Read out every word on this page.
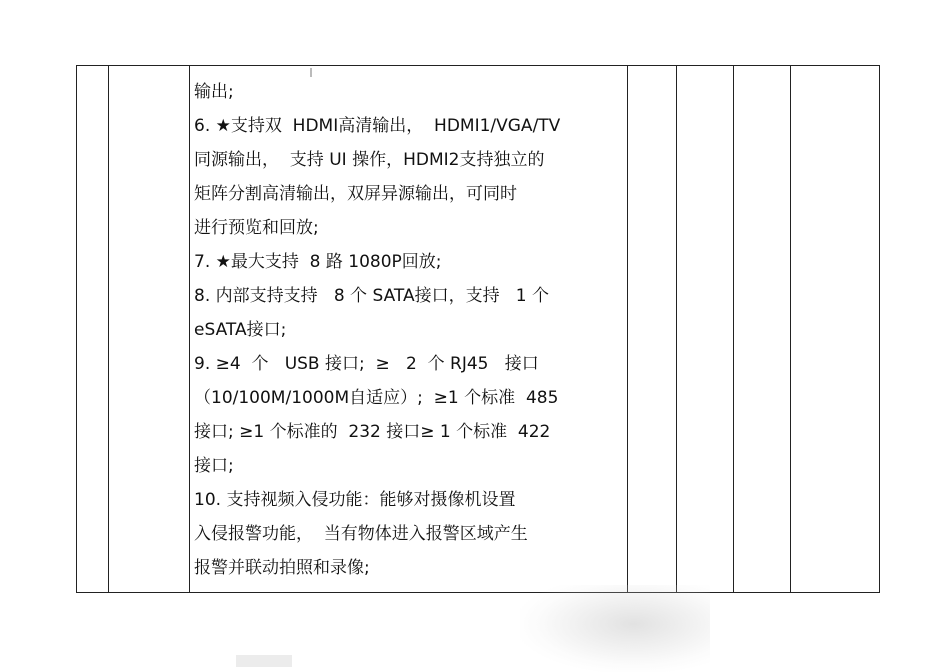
输出;
6. ★支持双  HDMI高清输出，  HDMI1/VGA/TV
同源输出，  支持 UI 操作，HDMI2支持独立的
矩阵分割高清输出，双屏异源输出，可同时
进行预览和回放;
7. ★最大支持  8 路 1080P回放;
8. 内部支持支持   8 个 SATA接口，支持   1 个
eSATA接口;
9. ≥4  个   USB 接口;  ≥   2  个 RJ45   接口
（10/100M/1000M自适应）;  ≥1 个标准  485
接口; ≥1 个标准的  232 接口≥ 1 个标准  422
接口;
10. 支持视频入侵功能：能够对摄像机设置
入侵报警功能，  当有物体进入报警区域产生
报警并联动拍照和录像;
